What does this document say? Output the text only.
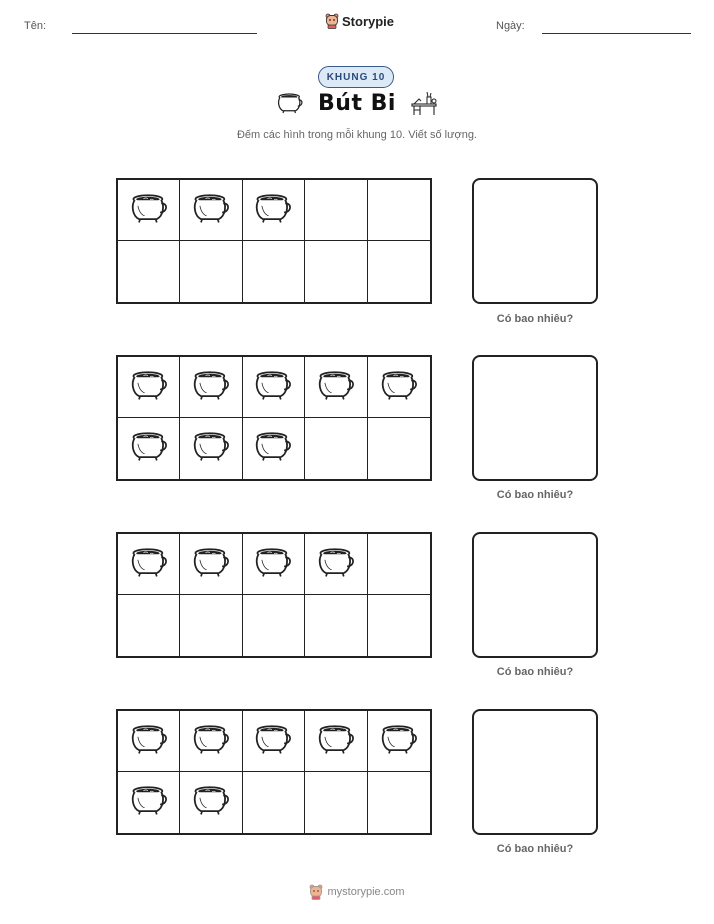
Tên:	Storypie	Ngày:
KHUNG 10
Bút Bi
Đếm các hình trong mỗi khung 10. Viết số lượng.
Có bao nhiêu?
Có bao nhiêu?
Có bao nhiêu?
Có bao nhiêu?
mystorypie.com
